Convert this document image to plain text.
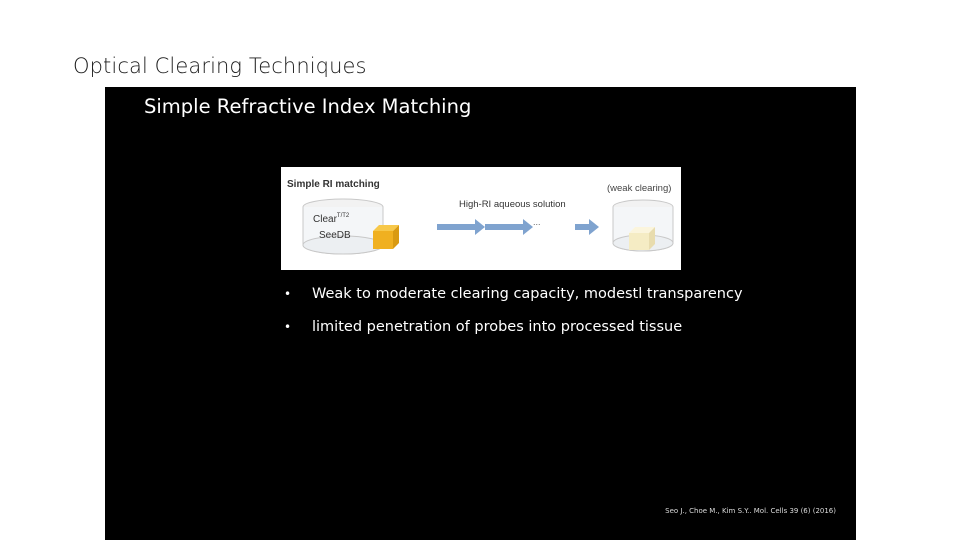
Optical Clearing Techniques
Simple Refractive Index Matching
Simple RI matching	(weak clearing)
High-RI aqueous solution
Clear$^{T/T2}$
SeeDB
...
•	Weak to moderate clearing capacity, modestl transparency
•	limited penetration of probes into processed tissue
Seo J., Choe M., Kim S.Y.. Mol. Cells 39 (6) (2016)
